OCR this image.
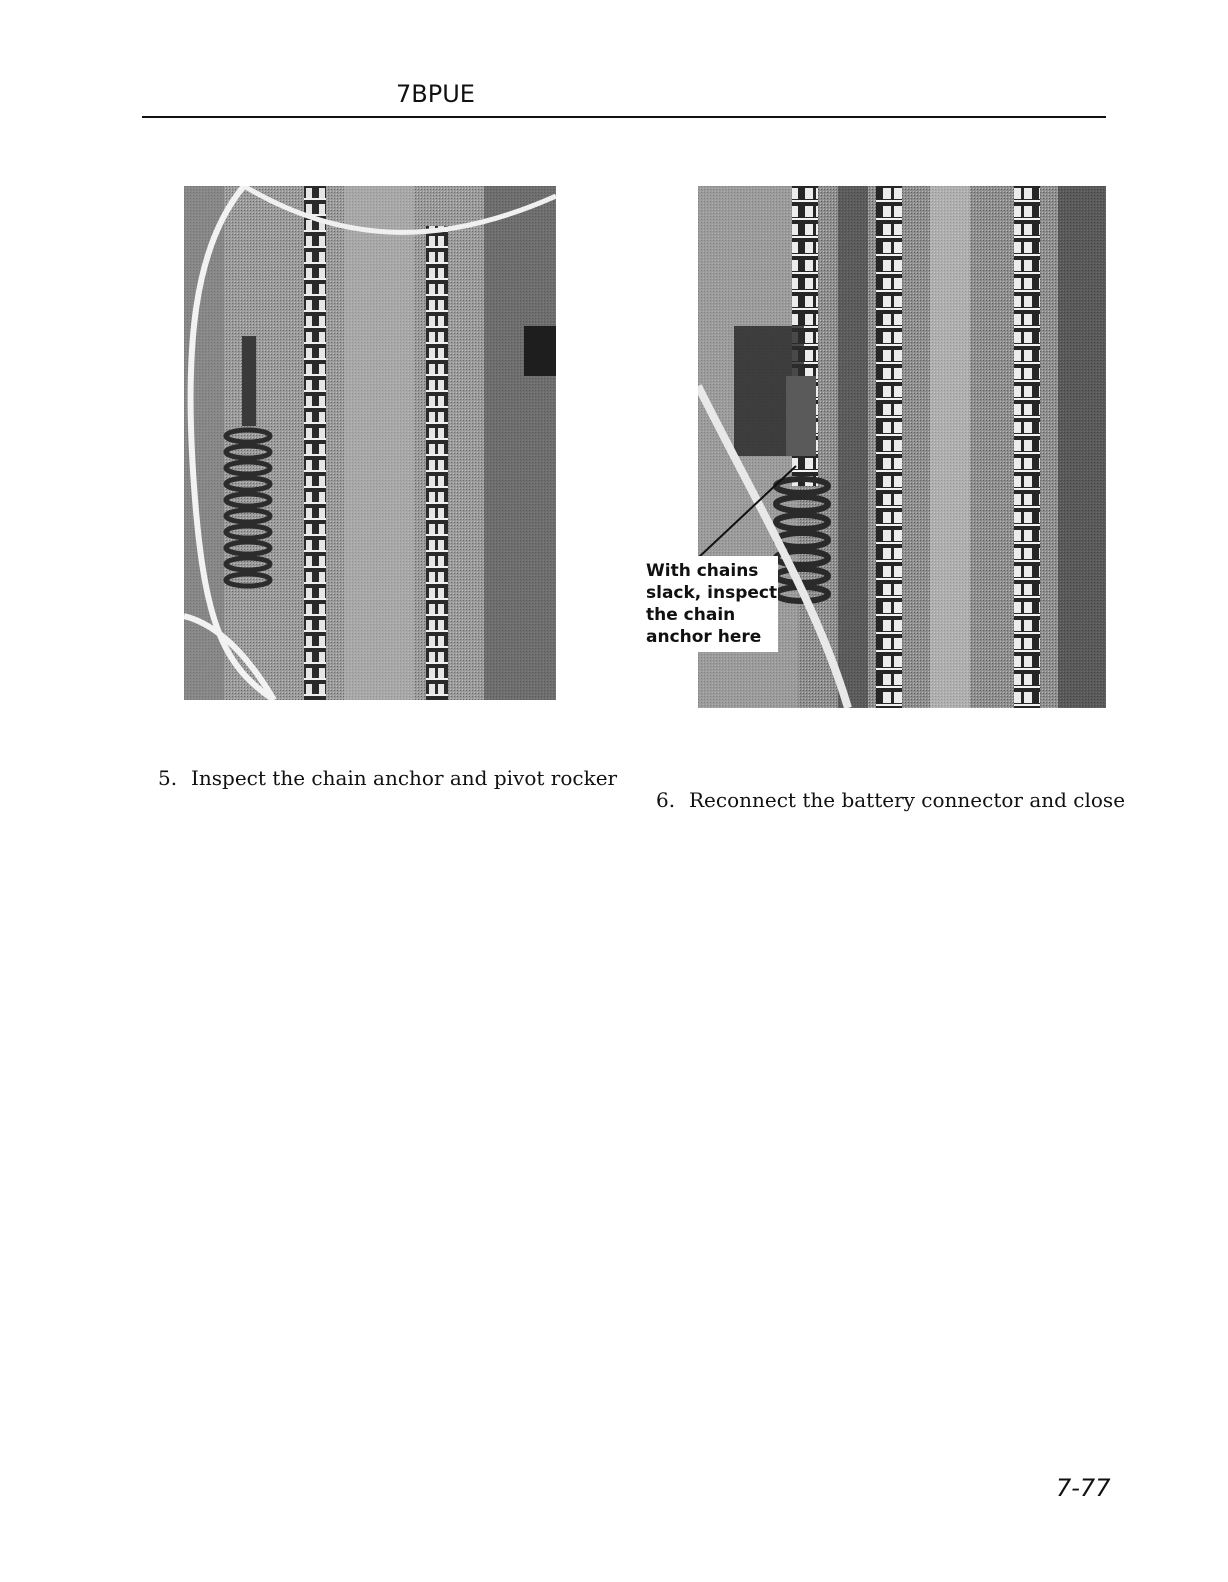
7BPUE
With chains
slack, inspect
the chain
anchor here
5. Inspect the chain anchor and pivot rocker
6. Reconnect the battery connector and close
7-77
